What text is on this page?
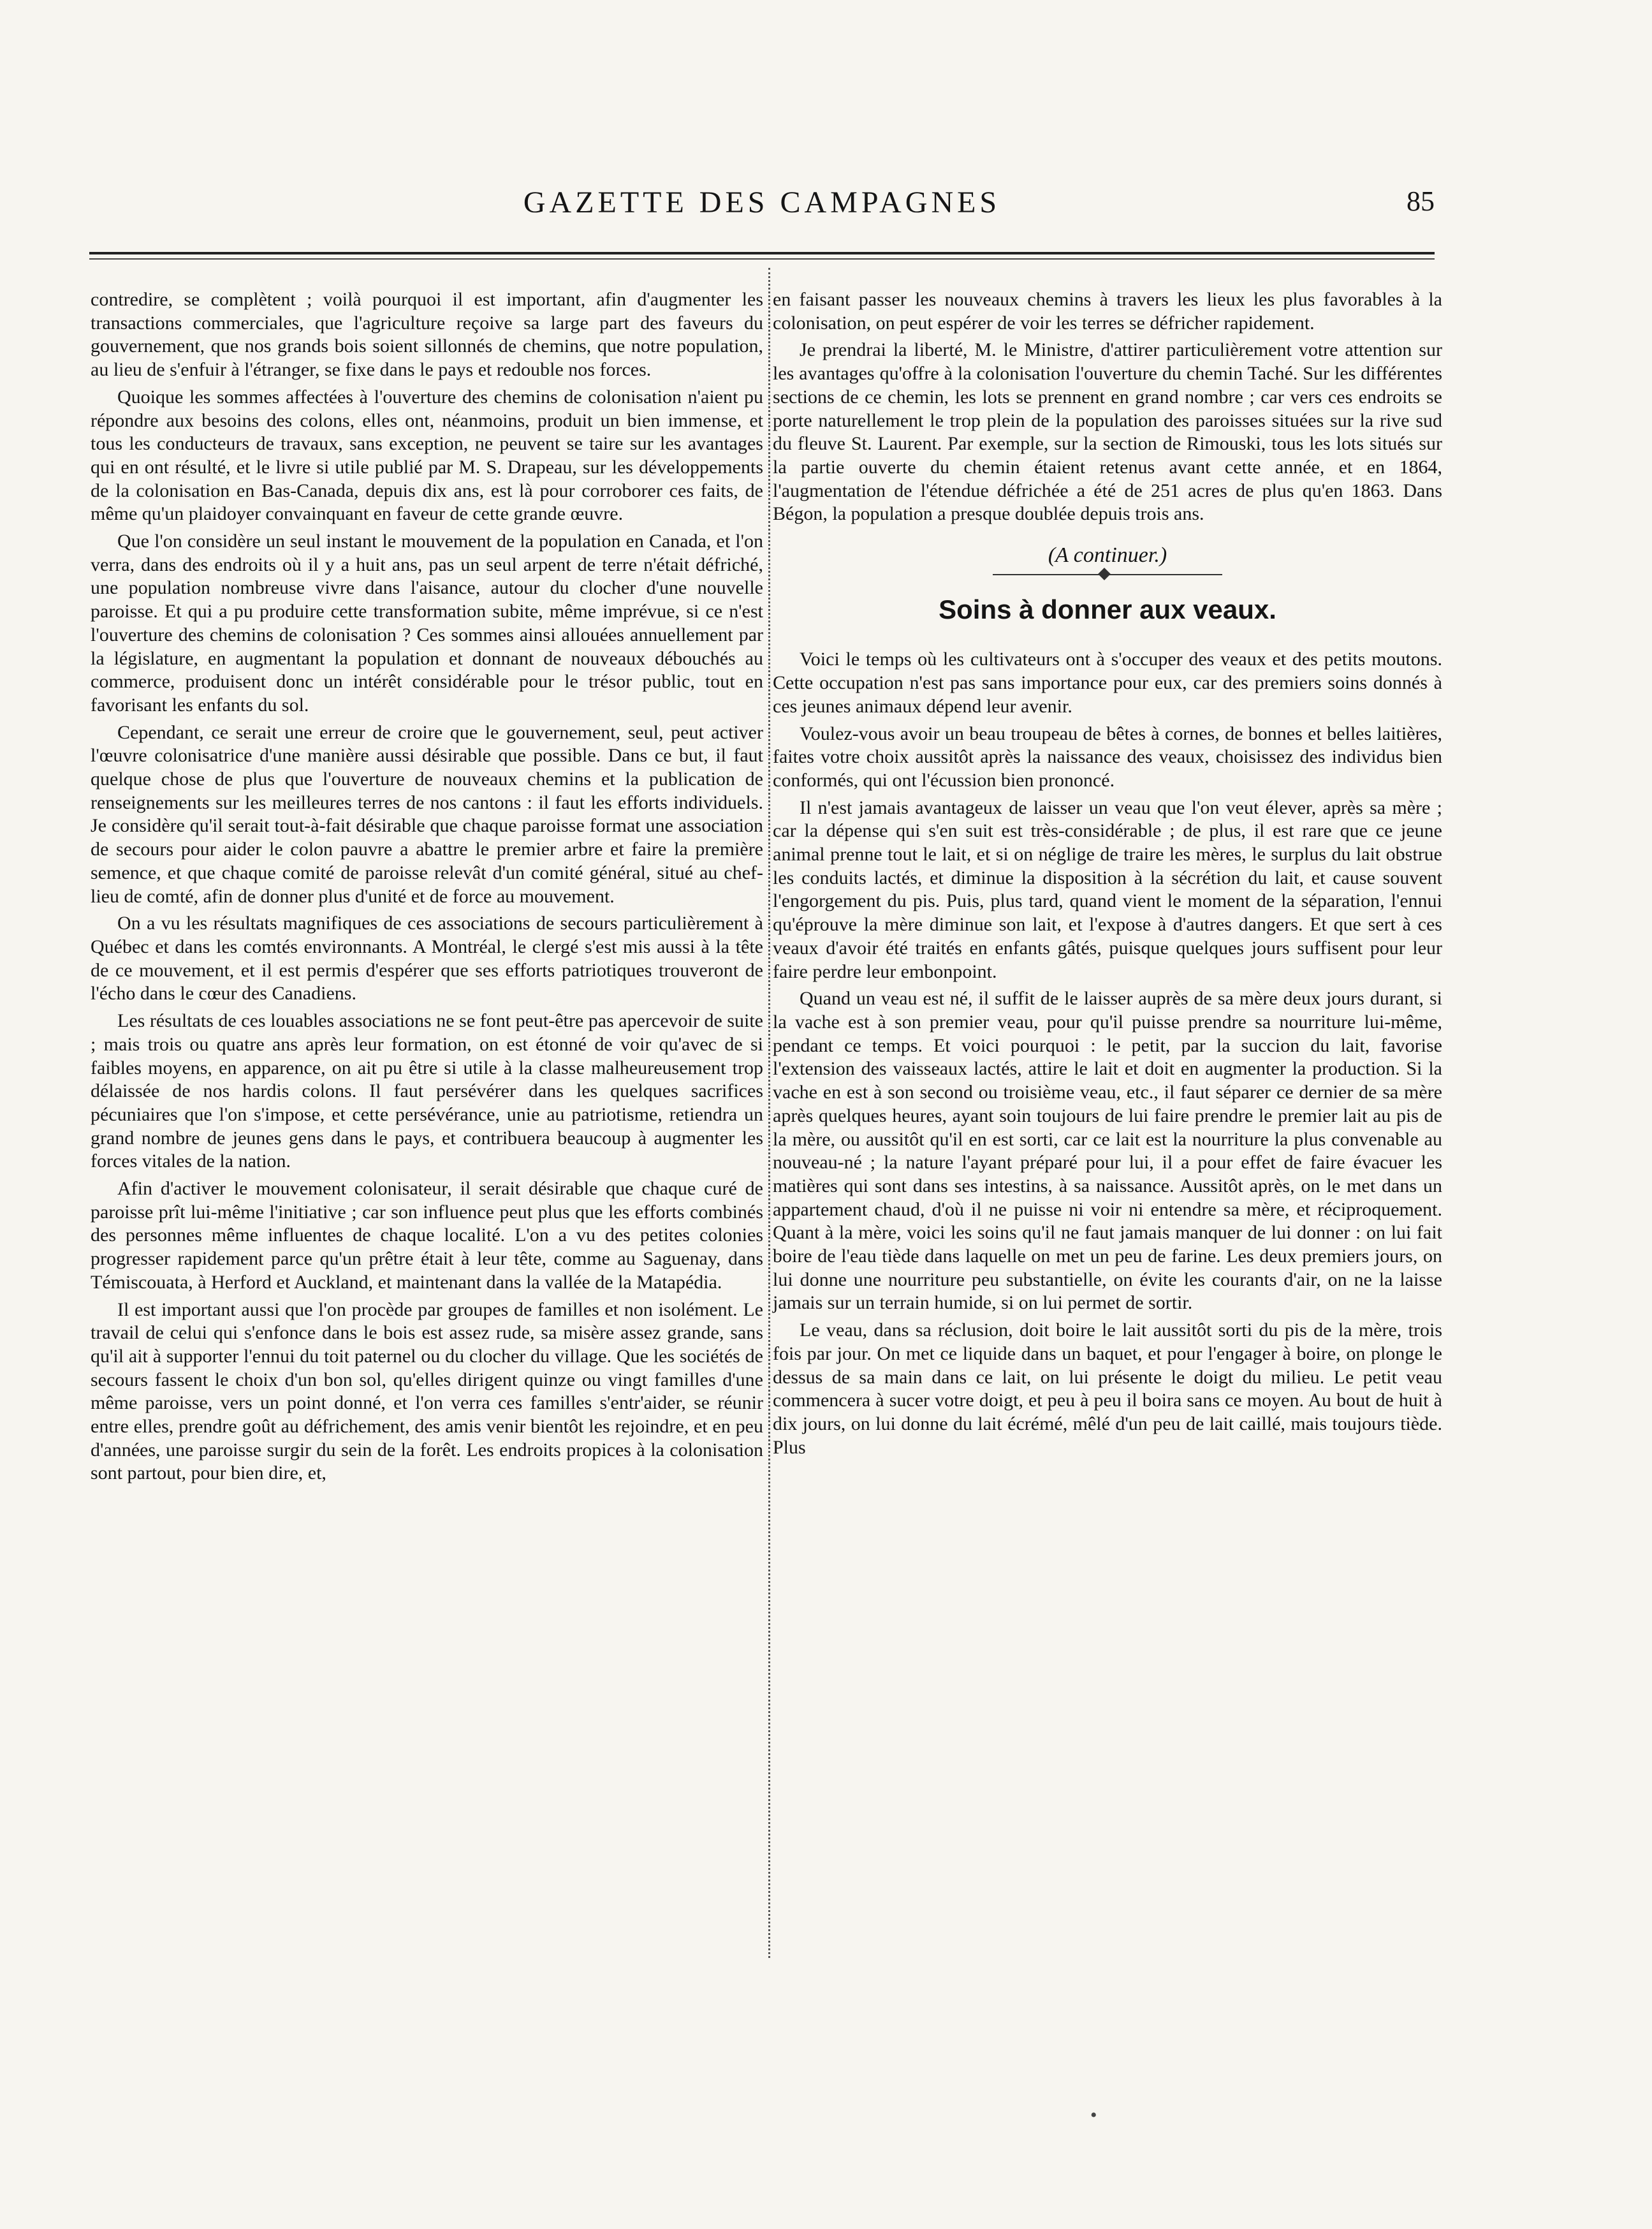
GAZETTE DES CAMPAGNES	85

contredire, se complètent ; voilà pourquoi il est important, afin d'augmenter les transactions commerciales, que l'agriculture reçoive sa large part des faveurs du gouvernement, que nos grands bois soient sillonnés de chemins, que notre population, au lieu de s'enfuir à l'étranger, se fixe dans le pays et redouble nos forces.

Quoique les sommes affectées à l'ouverture des chemins de colonisation n'aient pu répondre aux besoins des colons, elles ont, néanmoins, produit un bien immense, et tous les conducteurs de travaux, sans exception, ne peuvent se taire sur les avantages qui en ont résulté, et le livre si utile publié par M. S. Drapeau, sur les développements de la colonisation en Bas-Canada, depuis dix ans, est là pour corroborer ces faits, de même qu'un plaidoyer convainquant en faveur de cette grande œuvre.

Que l'on considère un seul instant le mouvement de la population en Canada, et l'on verra, dans des endroits où il y a huit ans, pas un seul arpent de terre n'était défriché, une population nombreuse vivre dans l'aisance, autour du clocher d'une nouvelle paroisse. Et qui a pu produire cette transformation subite, même imprévue, si ce n'est l'ouverture des chemins de colonisation ? Ces sommes ainsi allouées annuellement par la législature, en augmentant la population et donnant de nouveaux débouchés au commerce, produisent donc un intérêt considérable pour le trésor public, tout en favorisant les enfants du sol.

Cependant, ce serait une erreur de croire que le gouvernement, seul, peut activer l'œuvre colonisatrice d'une manière aussi désirable que possible. Dans ce but, il faut quelque chose de plus que l'ouverture de nouveaux chemins et la publication de renseignements sur les meilleures terres de nos cantons : il faut les efforts individuels. Je considère qu'il serait tout-à-fait désirable que chaque paroisse format une association de secours pour aider le colon pauvre a abattre le premier arbre et faire la première semence, et que chaque comité de paroisse relevât d'un comité général, situé au chef-lieu de comté, afin de donner plus d'unité et de force au mouvement.

On a vu les résultats magnifiques de ces associations de secours particulièrement à Québec et dans les comtés environnants. A Montréal, le clergé s'est mis aussi à la tête de ce mouvement, et il est permis d'espérer que ses efforts patriotiques trouveront de l'écho dans le cœur des Canadiens.

Les résultats de ces louables associations ne se font peut-être pas apercevoir de suite ; mais trois ou quatre ans après leur formation, on est étonné de voir qu'avec de si faibles moyens, en apparence, on ait pu être si utile à la classe malheureusement trop délaissée de nos hardis colons. Il faut persévérer dans les quelques sacrifices pécuniaires que l'on s'impose, et cette persévérance, unie au patriotisme, retiendra un grand nombre de jeunes gens dans le pays, et contribuera beaucoup à augmenter les forces vitales de la nation.

Afin d'activer le mouvement colonisateur, il serait désirable que chaque curé de paroisse prît lui-même l'initiative ; car son influence peut plus que les efforts combinés des personnes même influentes de chaque localité. L'on a vu des petites colonies progresser rapidement parce qu'un prêtre était à leur tête, comme au Saguenay, dans Témiscouata, à Herford et Auckland, et maintenant dans la vallée de la Matapédia.

Il est important aussi que l'on procède par groupes de familles et non isolément. Le travail de celui qui s'enfonce dans le bois est assez rude, sa misère assez grande, sans qu'il ait à supporter l'ennui du toit paternel ou du clocher du village. Que les sociétés de secours fassent le choix d'un bon sol, qu'elles dirigent quinze ou vingt familles d'une même paroisse, vers un point donné, et l'on verra ces familles s'entr'aider, se réunir entre elles, prendre goût au défrichement, des amis venir bientôt les rejoindre, et en peu d'années, une paroisse surgir du sein de la forêt. Les endroits propices à la colonisation sont partout, pour bien dire, et,

en faisant passer les nouveaux chemins à travers les lieux les plus favorables à la colonisation, on peut espérer de voir les terres se défricher rapidement.

Je prendrai la liberté, M. le Ministre, d'attirer particulièrement votre attention sur les avantages qu'offre à la colonisation l'ouverture du chemin Taché. Sur les différentes sections de ce chemin, les lots se prennent en grand nombre ; car vers ces endroits se porte naturellement le trop plein de la population des paroisses situées sur la rive sud du fleuve St. Laurent. Par exemple, sur la section de Rimouski, tous les lots situés sur la partie ouverte du chemin étaient retenus avant cette année, et en 1864, l'augmentation de l'étendue défrichée a été de 251 acres de plus qu'en 1863. Dans Bégon, la population a presque doublée depuis trois ans.

(A continuer.)
Soins à donner aux veaux.

Voici le temps où les cultivateurs ont à s'occuper des veaux et des petits moutons. Cette occupation n'est pas sans importance pour eux, car des premiers soins donnés à ces jeunes animaux dépend leur avenir.

Voulez-vous avoir un beau troupeau de bêtes à cornes, de bonnes et belles laitières, faites votre choix aussitôt après la naissance des veaux, choisissez des individus bien conformés, qui ont l'écussion bien prononcé.

Il n'est jamais avantageux de laisser un veau que l'on veut élever, après sa mère ; car la dépense qui s'en suit est très-considérable ; de plus, il est rare que ce jeune animal prenne tout le lait, et si on néglige de traire les mères, le surplus du lait obstrue les conduits lactés, et diminue la disposition à la sécrétion du lait, et cause souvent l'engorgement du pis. Puis, plus tard, quand vient le moment de la séparation, l'ennui qu'éprouve la mère diminue son lait, et l'expose à d'autres dangers. Et que sert à ces veaux d'avoir été traités en enfants gâtés, puisque quelques jours suffisent pour leur faire perdre leur embonpoint.

Quand un veau est né, il suffit de le laisser auprès de sa mère deux jours durant, si la vache est à son premier veau, pour qu'il puisse prendre sa nourriture lui-même, pendant ce temps. Et voici pourquoi : le petit, par la succion du lait, favorise l'extension des vaisseaux lactés, attire le lait et doit en augmenter la production. Si la vache en est à son second ou troisième veau, etc., il faut séparer ce dernier de sa mère après quelques heures, ayant soin toujours de lui faire prendre le premier lait au pis de la mère, ou aussitôt qu'il en est sorti, car ce lait est la nourriture la plus convenable au nouveau-né ; la nature l'ayant préparé pour lui, il a pour effet de faire évacuer les matières qui sont dans ses intestins, à sa naissance. Aussitôt après, on le met dans un appartement chaud, d'où il ne puisse ni voir ni entendre sa mère, et réciproquement. Quant à la mère, voici les soins qu'il ne faut jamais manquer de lui donner : on lui fait boire de l'eau tiède dans laquelle on met un peu de farine. Les deux premiers jours, on lui donne une nourriture peu substantielle, on évite les courants d'air, on ne la laisse jamais sur un terrain humide, si on lui permet de sortir.

Le veau, dans sa réclusion, doit boire le lait aussitôt sorti du pis de la mère, trois fois par jour. On met ce liquide dans un baquet, et pour l'engager à boire, on plonge le dessus de sa main dans ce lait, on lui présente le doigt du milieu. Le petit veau commencera à sucer votre doigt, et peu à peu il boira sans ce moyen. Au bout de huit à dix jours, on lui donne du lait écrémé, mêlé d'un peu de lait caillé, mais toujours tiède. Plus

•
